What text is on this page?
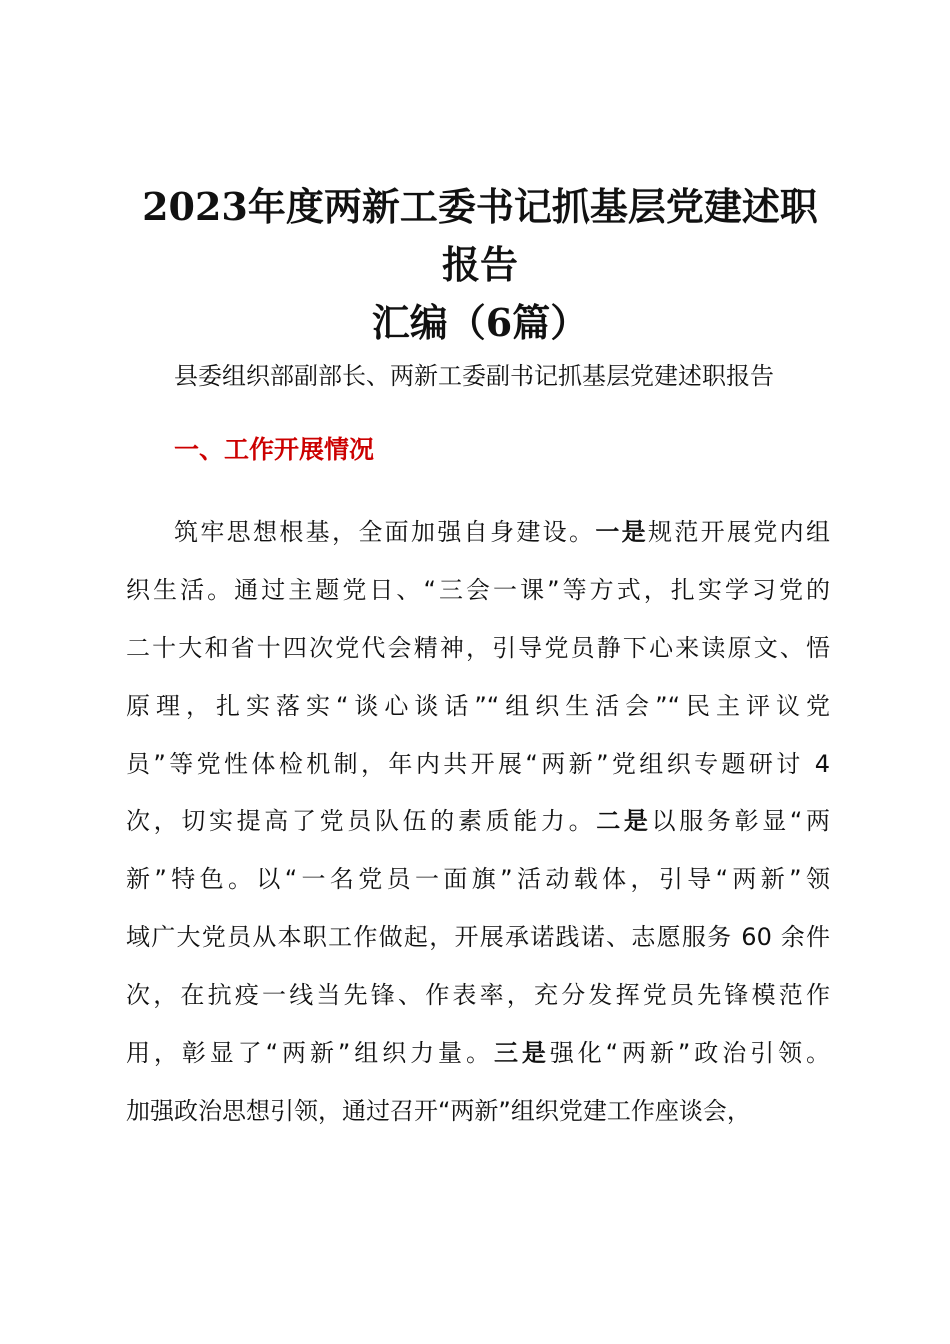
2023年度两新工委书记抓基层党建述职报告
汇编（6篇）

县委组织部副部长、两新工委副书记抓基层党建述职报告

一、工作开展情况
筑牢思想根基，全面加强自身建设。一是规范开展党内组
织生活。通过主题党日、“三会一课”等方式，扎实学习党的
二十大和省十四次党代会精神，引导党员静下心来读原文、悟
原理，扎实落实“谈心谈话”“组织生活会”“民主评议党
员”等党性体检机制，年内共开展“两新”党组织专题研讨 4
次，切实提高了党员队伍的素质能力。二是以服务彰显“两
新”特色。以“一名党员一面旗”活动载体，引导“两新”领
域广大党员从本职工作做起，开展承诺践诺、志愿服务 60 余件
次，在抗疫一线当先锋、作表率，充分发挥党员先锋模范作
用，彰显了“两新”组织力量。三是强化“两新”政治引领。
加强政治思想引领，通过召开“两新”组织党建工作座谈会，
